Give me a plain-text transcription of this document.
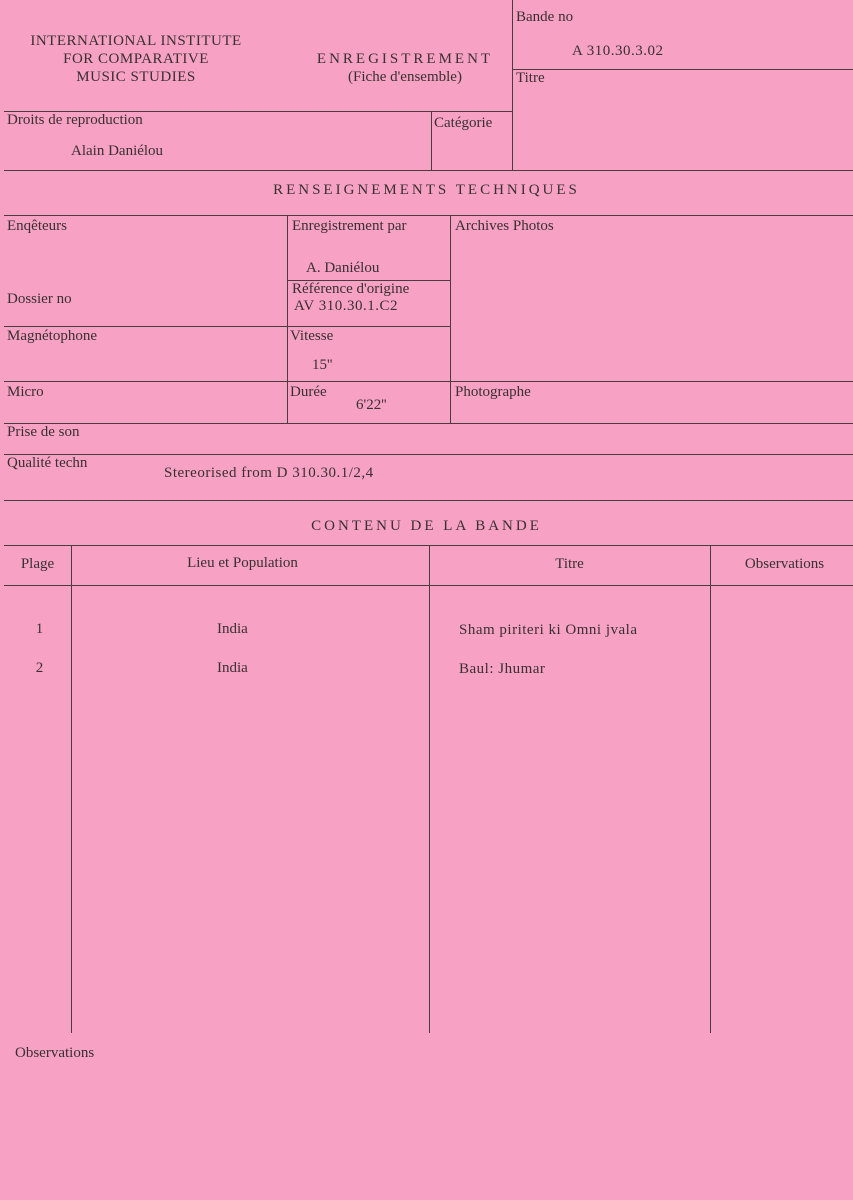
INTERNATIONAL INSTITUTE
FOR COMPARATIVE
MUSIC STUDIES
ENREGISTREMENT
(Fiche d'ensemble)
Bande no
A 310.30.3.02
Titre
Droits de reproduction
Alain Daniélou
Catégorie
RENSEIGNEMENTS TECHNIQUES
Enqêteurs	Enregistrement par
A. Daniélou
Archives Photos
Dossier no
Référence d'origine
AV 310.30.1.C2
Magnétophone	Vitesse
15''
Micro	Durée
6'22''
Photographe
Prise de son
Qualité techn
Stereorised from D 310.30.1/2,4
CONTENU DE LA BANDE
Plage	Lieu et Population	Titre	Observations
1	India	Sham piriteri ki Omni jvala
2	India	Baul: Jhumar
Observations
